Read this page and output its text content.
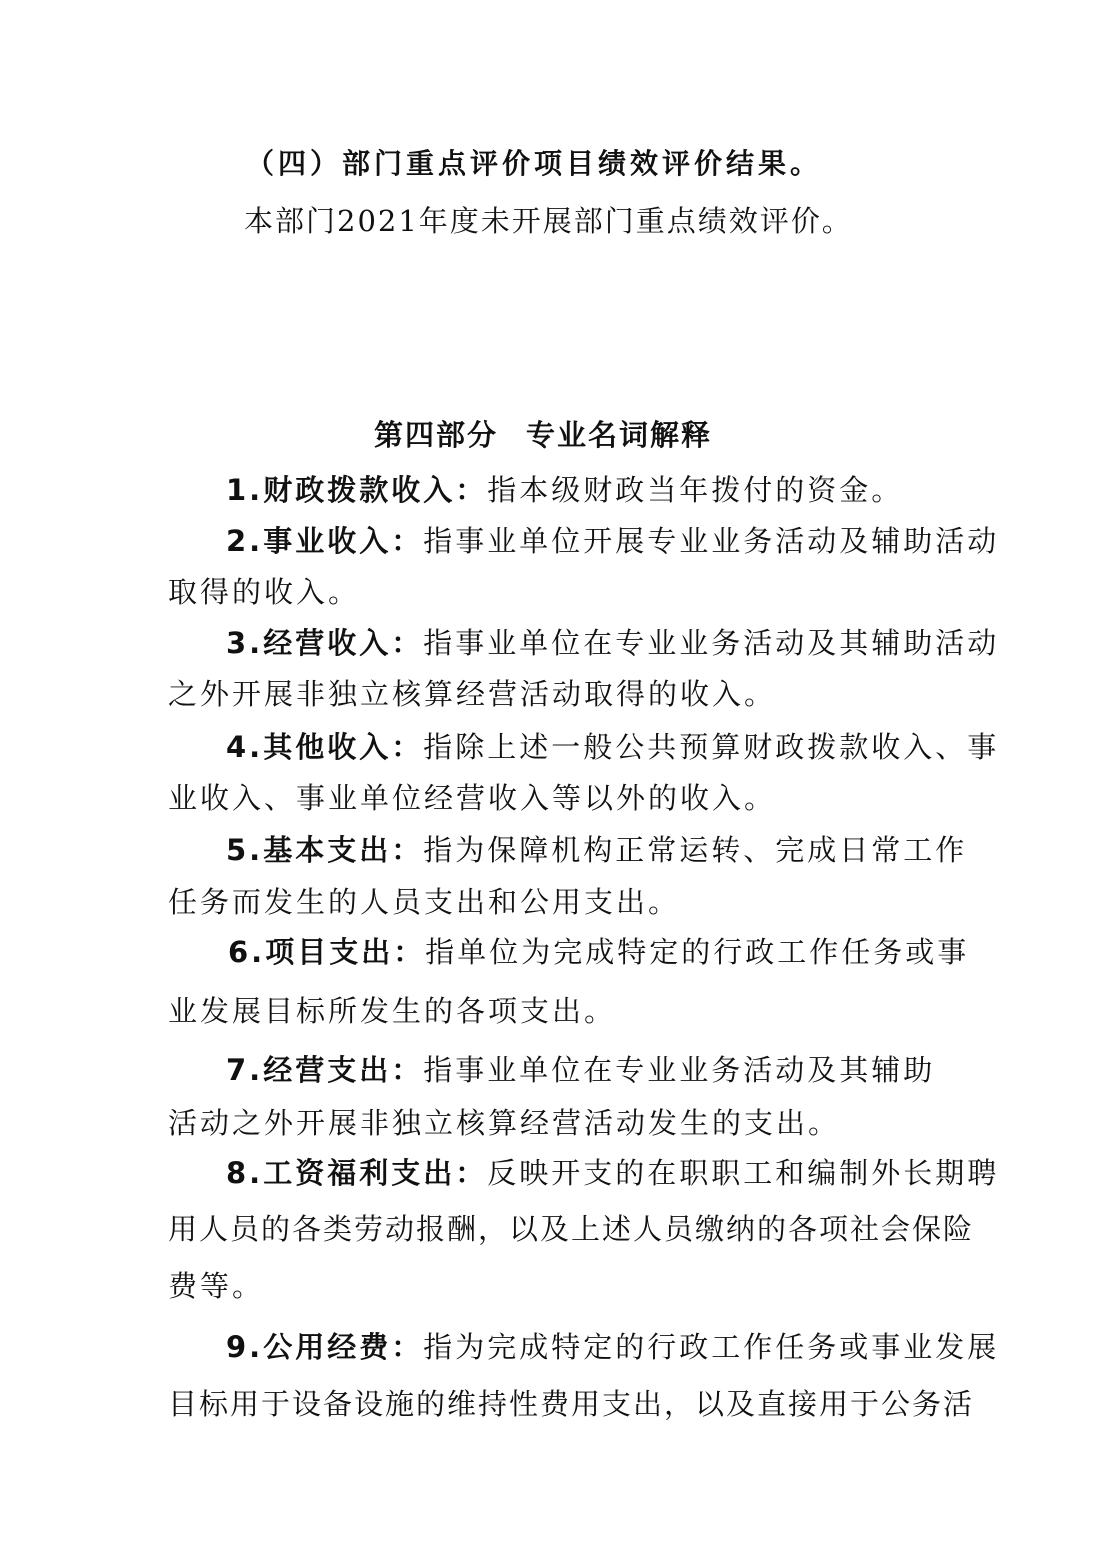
（四）部门重点评价项目绩效评价结果。
本部门2021年度未开展部门重点绩效评价。
第四部分 专业名词解释
1.财政拨款收入：指本级财政当年拨付的资金。
2.事业收入：指事业单位开展专业业务活动及辅助活动
取得的收入。
3.经营收入：指事业单位在专业业务活动及其辅助活动
之外开展非独立核算经营活动取得的收入。
4.其他收入：指除上述一般公共预算财政拨款收入、事
业收入、事业单位经营收入等以外的收入。
5.基本支出：指为保障机构正常运转、完成日常工作
任务而发生的人员支出和公用支出。
6.项目支出：指单位为完成特定的行政工作任务或事
业发展目标所发生的各项支出。
7.经营支出：指事业单位在专业业务活动及其辅助
活动之外开展非独立核算经营活动发生的支出。
8.工资福利支出：反映开支的在职职工和编制外长期聘
用人员的各类劳动报酬，以及上述人员缴纳的各项社会保险
费等。
9.公用经费：指为完成特定的行政工作任务或事业发展
目标用于设备设施的维持性费用支出，以及直接用于公务活
